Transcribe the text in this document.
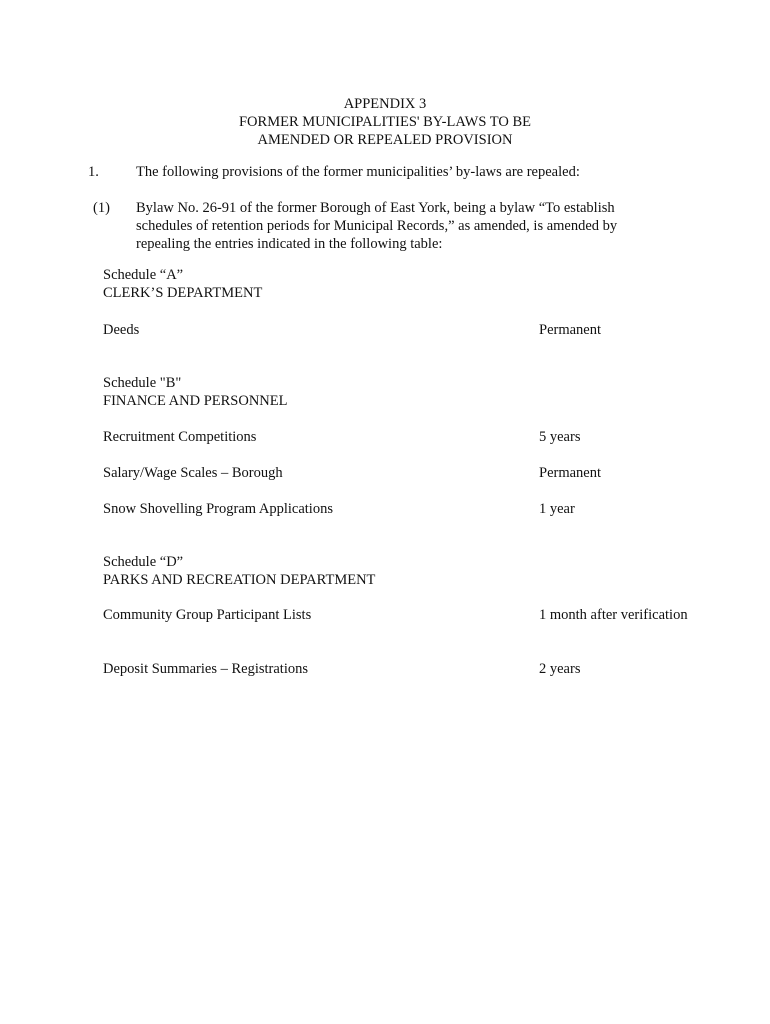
APPENDIX 3
FORMER MUNICIPALITIES' BY-LAWS TO BE
AMENDED OR REPEALED PROVISION
1.	The following provisions of the former municipalities’ by-laws are repealed:
(1) Bylaw No. 26-91 of the former Borough of East York, being a bylaw “To establish
schedules of retention periods for Municipal Records,” as amended, is amended by
repealing the entries indicated in the following table:
Schedule “A”
CLERK’S DEPARTMENT
Deeds	Permanent
Schedule "B"
FINANCE AND PERSONNEL
Recruitment Competitions	5 years
Salary/Wage Scales – Borough	Permanent
Snow Shovelling Program Applications	1 year
Schedule “D”
PARKS AND RECREATION DEPARTMENT
Community Group Participant Lists	1 month after verification
Deposit Summaries – Registrations	2 years
